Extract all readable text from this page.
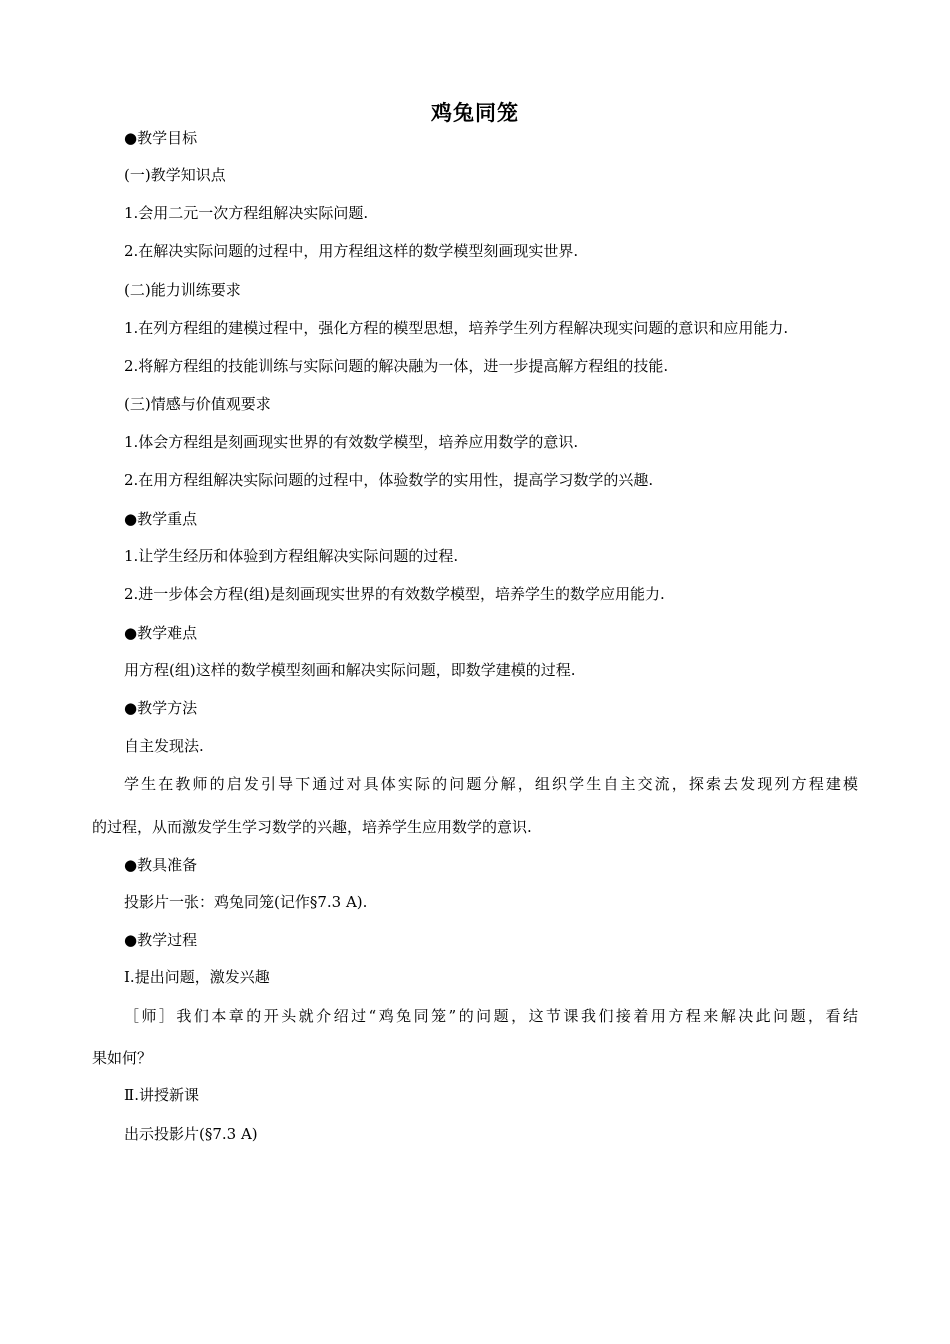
鸡兔同笼
●教学目标
(一)教学知识点
1.会用二元一次方程组解决实际问题.
2.在解决实际问题的过程中，用方程组这样的数学模型刻画现实世界.
(二)能力训练要求
1.在列方程组的建模过程中，强化方程的模型思想，培养学生列方程解决现实问题的意识和应用能力.
2.将解方程组的技能训练与实际问题的解决融为一体，进一步提高解方程组的技能.
(三)情感与价值观要求
1.体会方程组是刻画现实世界的有效数学模型，培养应用数学的意识.
2.在用方程组解决实际问题的过程中，体验数学的实用性，提高学习数学的兴趣.
●教学重点
1.让学生经历和体验到方程组解决实际问题的过程.
2.进一步体会方程(组)是刻画现实世界的有效数学模型，培养学生的数学应用能力.
●教学难点
用方程(组)这样的数学模型刻画和解决实际问题，即数学建模的过程.
●教学方法
自主发现法.
学生在教师的启发引导下通过对具体实际的问题分解，组织学生自主交流，探索去发现列方程建模
的过程，从而激发学生学习数学的兴趣，培养学生应用数学的意识.
●教具准备
投影片一张：鸡兔同笼(记作§7.3 A).
●教学过程
Ⅰ.提出问题，激发兴趣
［师］我们本章的开头就介绍过“鸡兔同笼”的问题，这节课我们接着用方程来解决此问题，看结
果如何？
Ⅱ.讲授新课
出示投影片(§7.3 A)
